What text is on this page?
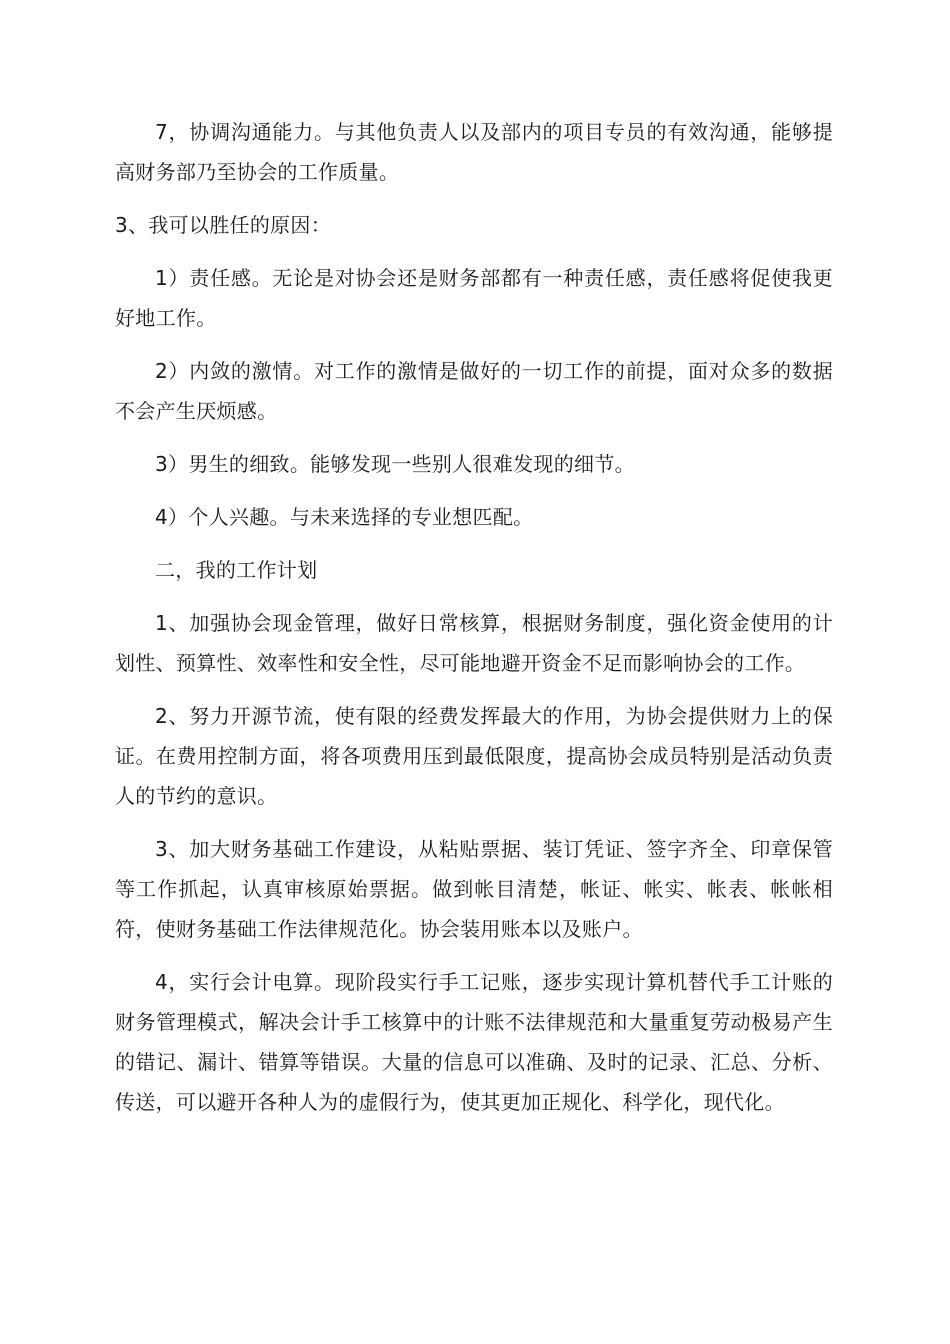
7，协调沟通能力。与其他负责人以及部内的项目专员的有效沟通，能够提高财务部乃至协会的工作质量。

3、我可以胜任的原因：

1）责任感。无论是对协会还是财务部都有一种责任感，责任感将促使我更好地工作。

2）内敛的激情。对工作的激情是做好的一切工作的前提，面对众多的数据不会产生厌烦感。

3）男生的细致。能够发现一些别人很难发现的细节。

4）个人兴趣。与未来选择的专业想匹配。

二，我的工作计划

1、加强协会现金管理，做好日常核算，根据财务制度，强化资金使用的计划性、预算性、效率性和安全性，尽可能地避开资金不足而影响协会的工作。

2、努力开源节流，使有限的经费发挥最大的作用，为协会提供财力上的保证。在费用控制方面，将各项费用压到最低限度，提高协会成员特别是活动负责人的节约的意识。

3、加大财务基础工作建设，从粘贴票据、装订凭证、签字齐全、印章保管等工作抓起，认真审核原始票据。做到帐目清楚，帐证、帐实、帐表、帐帐相符，使财务基础工作法律规范化。协会装用账本以及账户。

4，实行会计电算。现阶段实行手工记账，逐步实现计算机替代手工计账的财务管理模式，解决会计手工核算中的计账不法律规范和大量重复劳动极易产生的错记、漏计、错算等错误。大量的信息可以准确、及时的记录、汇总、分析、传送，可以避开各种人为的虚假行为，使其更加正规化、科学化，现代化。
